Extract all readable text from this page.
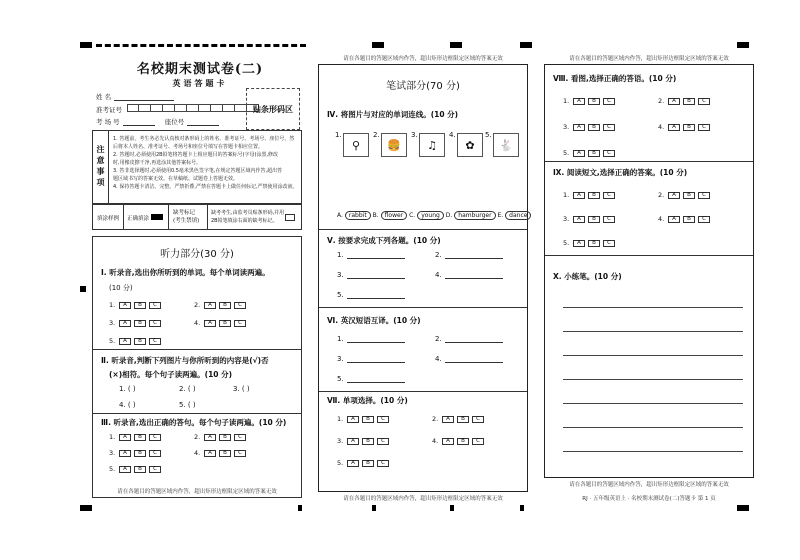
名校期末测试卷(二)
英语答题卡
姓 名
准考证号
考 场 号	座位号
贴条形码区
注意事项
1. 答题前，考生务必先认真核对条形码上的姓名、准考证号、考场号、座位号，然
后将本人姓名、准考证号、考场号和座位号填写在答题卡相应位置。
2. 答题时,必须使用2B铅笔将答题卡上相应题目的答案标号(字母)涂黑,修改
时,用橡皮擦干净,再选涂其他答案标号。
3. 答非选择题时,必须使用0.5毫米黑色签字笔,在规定答题区域内作答,超出答
题区域书写的答案无效。在草稿纸、试题卷上答题无效。
4. 保持答题卡清洁、完整。严禁折叠,严禁在答题卡上做任何标记,严禁使用涂改液。
填涂样例 正确填涂
缺考标记
(考生禁填)
缺考考生,由监考员贴条形码,并用
2B铅笔填涂右面的缺考标记。
听力部分(30 分)
Ⅰ. 听录音,选出你所听到的单词。每个单词读两遍。
(10 分)
1.	A	B	C	2.	A	B	C
3.	A	B	C	4.	A	B	C
5.	A	B	C
Ⅱ. 听录音,判断下列图片与你所听到的内容是(√)否
(×)相符。每个句子读两遍。(10 分)
1. ( )	2. ( )	3. ( )
4. ( )	5. ( )
Ⅲ. 听录音,选出正确的答句。每个句子读两遍。(10 分)
1.	A	B	C	2.	A	B	C
3.	A	B	C	4.	A	B	C
5.	A	B	C
请在各题目的答题区域内作答，超出矩形边框限定区域的答案无效
请在各题目的答题区域内作答，超出矩形边框限定区域的答案无效
笔试部分(70 分)
Ⅳ. 将图片与对应的单词连线。(10 分)
1.
⚲
2.
🍔
3.
♫
4.
✿
5.
🐇
A. rabbit B. flower C. young D. hamburger E. dance
Ⅴ. 按要求完成下列各题。(10 分)
1.	2.
3.	4.
5.
Ⅵ. 英汉短语互译。(10 分)
1.	2.
3.	4.
5.
Ⅶ. 单项选择。(10 分)
1.	A	B	C	2.	A	B	C
3.	A	B	C	4.	A	B	C
5.	A	B	C
请在各题目的答题区域内作答，超出矩形边框限定区域的答案无效
请在各题目的答题区域内作答，超出矩形边框限定区域的答案无效
Ⅷ. 看图,选择正确的答语。(10 分)
1.	A	B	C	2.	A	B	C
3.	A	B	C	4.	A	B	C
5.	A	B	C
Ⅸ. 阅读短文,选择正确的答案。(10 分)
1.	A	B	C	2.	A	B	C
3.	A	B	C	4.	A	B	C
5.	A	B	C
Ⅹ. 小练笔。(10 分)
请在各题目的答题区域内作答，超出矩形边框限定区域的答案无效
RJ · 五年级英语上 · 名校期末测试卷(二)答题卡 第 1 页
